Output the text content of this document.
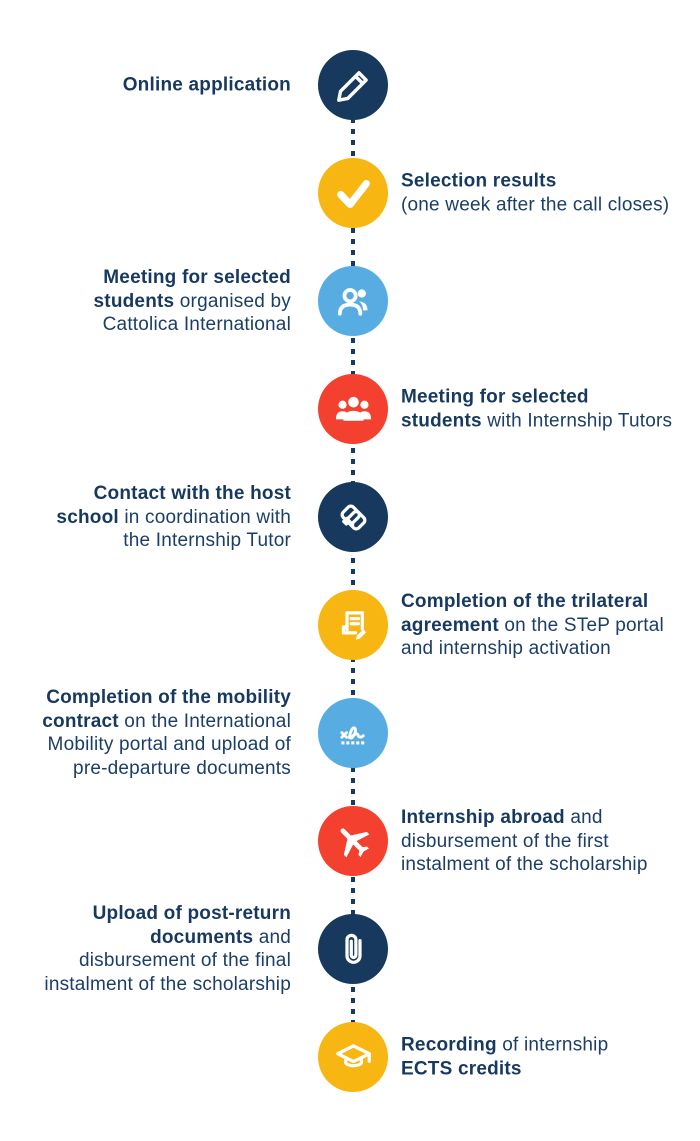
Online application
Selection results
(one week after the call closes)
Meeting for selected
students organised by
Cattolica International
Meeting for selected
students with Internship Tutors
Contact with the host
school in coordination with
the Internship Tutor
Completion of the trilateral
agreement on the STeP portal
and internship activation
Completion of the mobility
contract on the International
Mobility portal and upload of
pre-departure documents
Internship abroad and
disbursement of the first
instalment of the scholarship
Upload of post-return
documents and
disbursement of the final
instalment of the scholarship
Recording of internship
ECTS credits
